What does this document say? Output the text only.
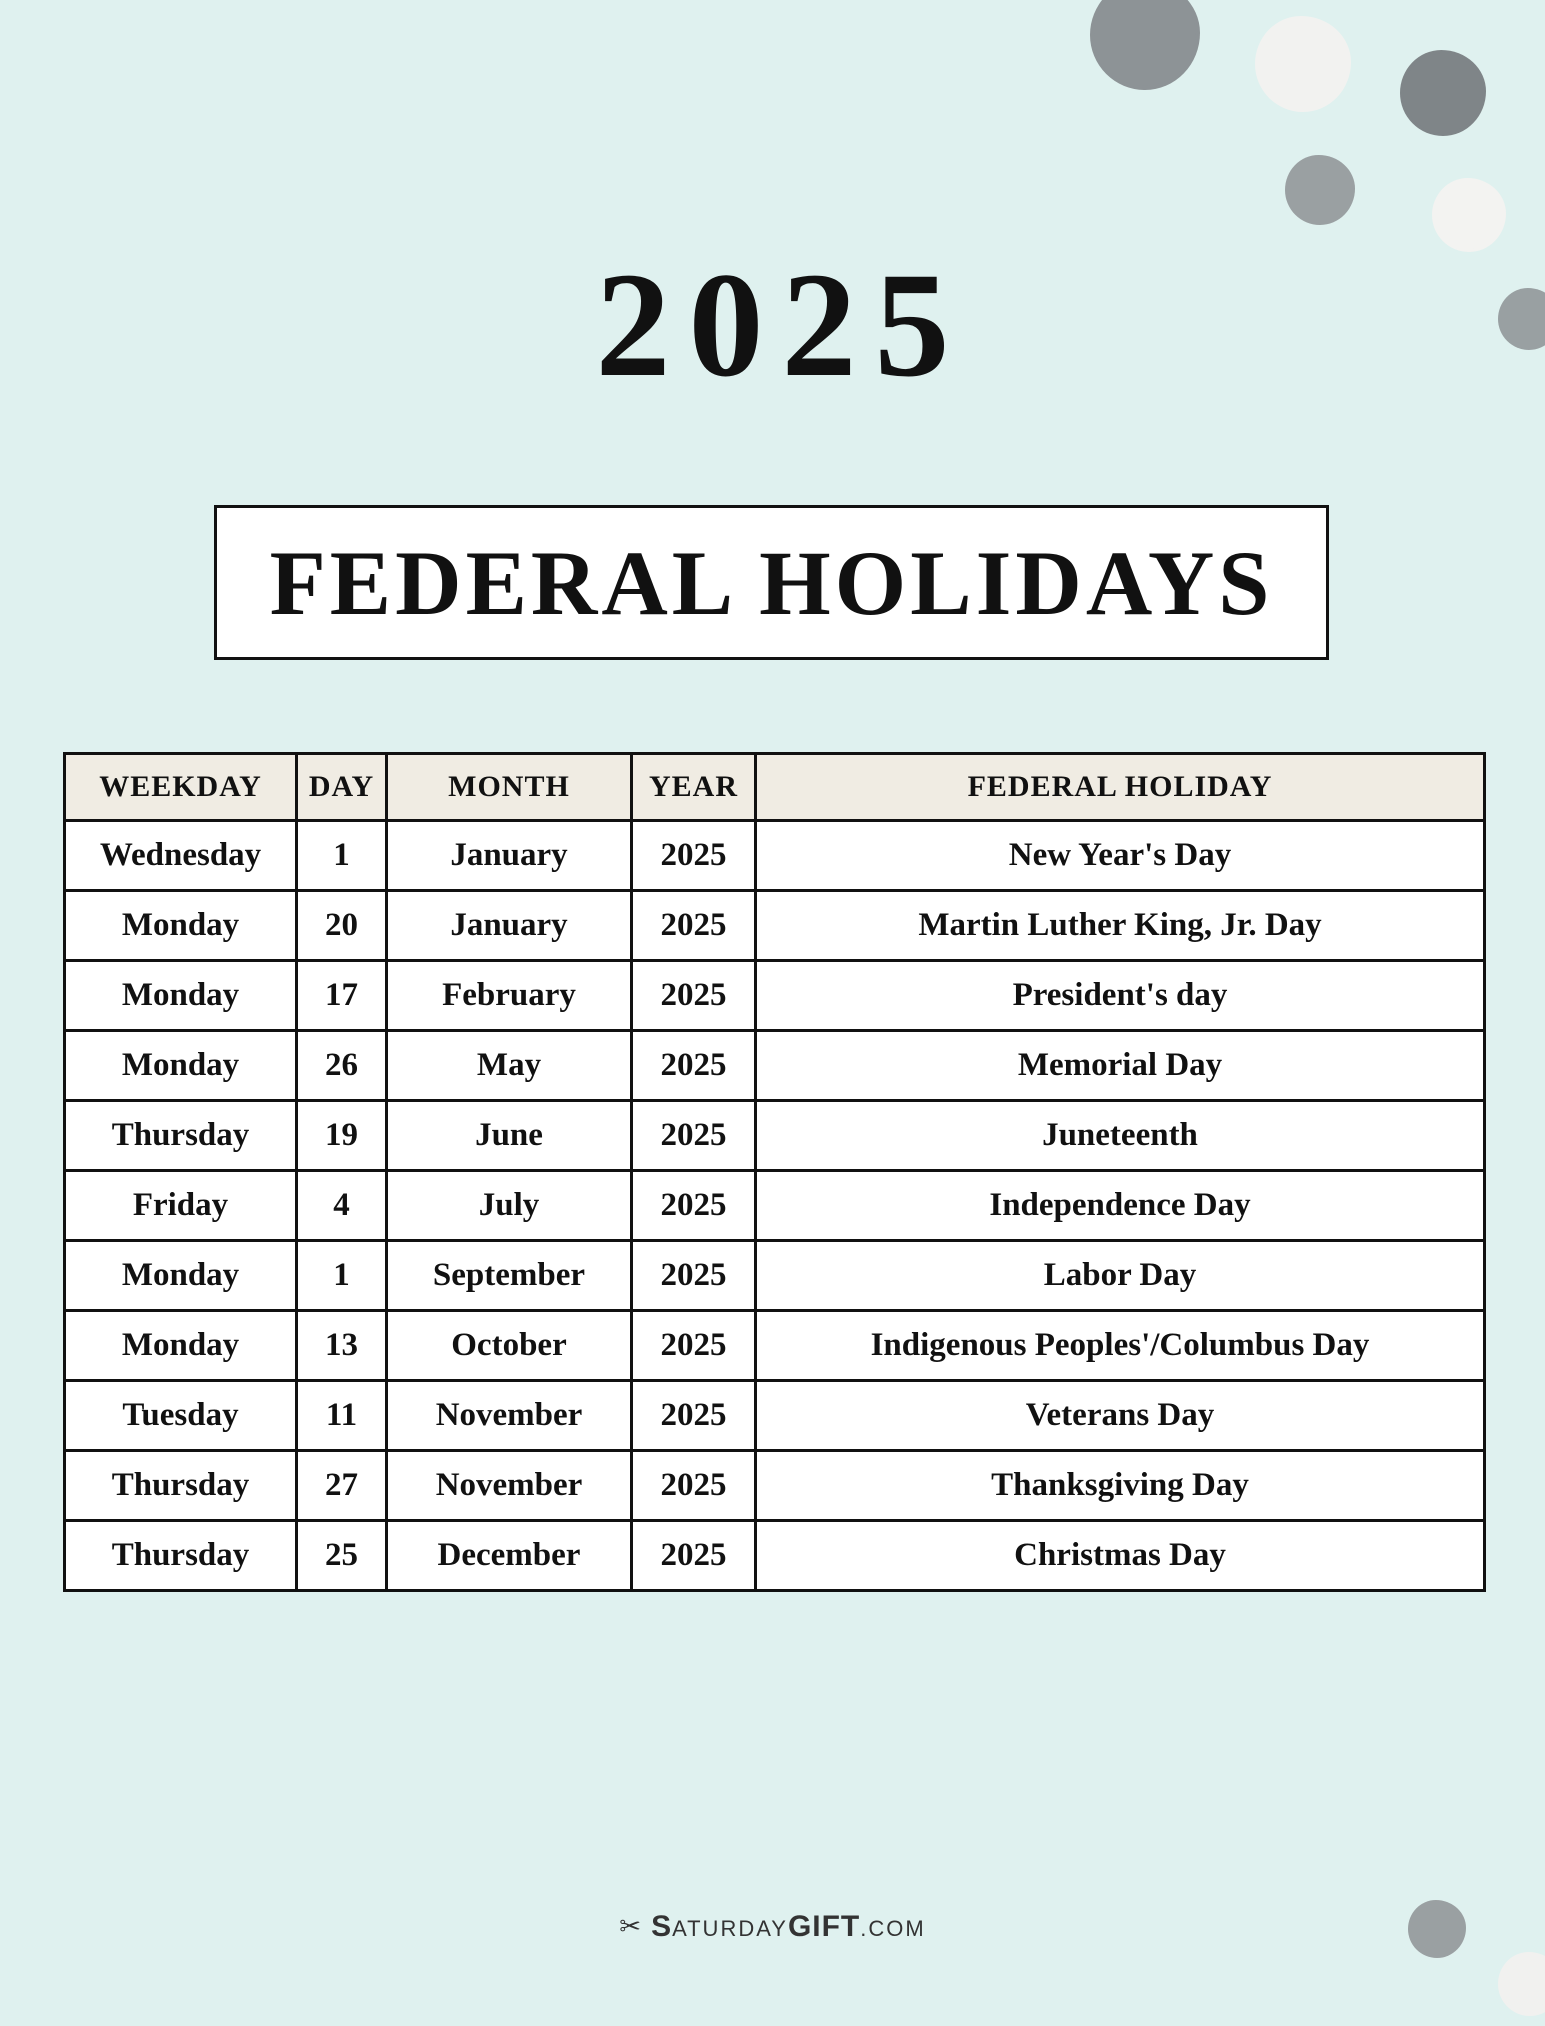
2025
FEDERAL HOLIDAYS
WEEKDAY	DAY	MONTH	YEAR	FEDERAL HOLIDAY
Wednesday	1	January	2025	New Year's Day
Monday	20	January	2025	Martin Luther King, Jr. Day
Monday	17	February	2025	President's day
Monday	26	May	2025	Memorial Day
Thursday	19	June	2025	Juneteenth
Friday	4	July	2025	Independence Day
Monday	1	September	2025	Labor Day
Monday	13	October	2025	Indigenous Peoples'/Columbus Day
Tuesday	11	November	2025	Veterans Day
Thursday	27	November	2025	Thanksgiving Day
Thursday	25	December	2025	Christmas Day
✂ SATURDAYGIFT.COM
